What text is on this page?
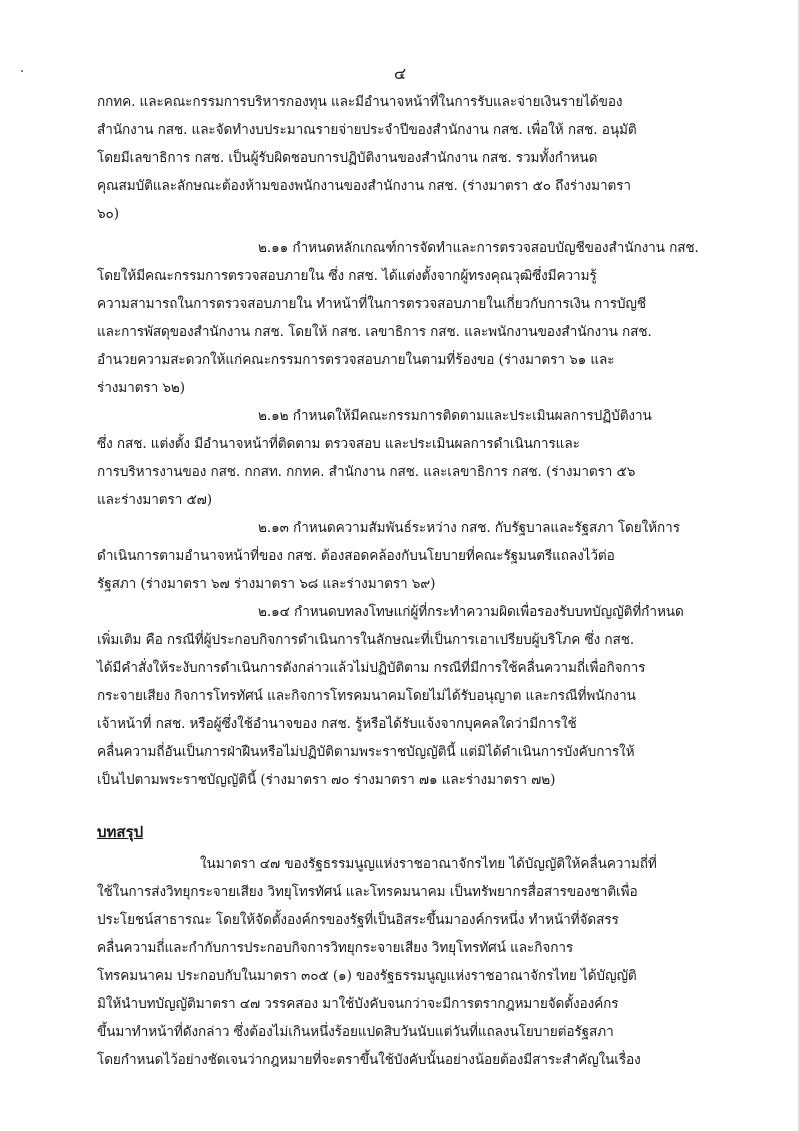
๔
กกทค. และคณะกรรมการบริหารกองทุน และมีอำนาจหน้าที่ในการรับและจ่ายเงินรายได้ของ
สำนักงาน กสช. และจัดทำงบประมาณรายจ่ายประจำปีของสำนักงาน กสช. เพื่อให้ กสช. อนุมัติ
โดยมีเลขาธิการ กสช. เป็นผู้รับผิดชอบการปฏิบัติงานของสำนักงาน กสช. รวมทั้งกำหนด
คุณสมบัติและลักษณะต้องห้ามของพนักงานของสำนักงาน กสช. (ร่างมาตรา ๕๐ ถึงร่างมาตรา
๖๐)
๒.๑๑ กำหนดหลักเกณฑ์การจัดทำและการตรวจสอบบัญชีของสำนักงาน กสช.
โดยให้มีคณะกรรมการตรวจสอบภายใน ซึ่ง กสช. ได้แต่งตั้งจากผู้ทรงคุณวุฒิซึ่งมีความรู้
ความสามารถในการตรวจสอบภายใน ทำหน้าที่ในการตรวจสอบภายในเกี่ยวกับการเงิน การบัญชี
และการพัสดุของสำนักงาน กสช. โดยให้ กสช. เลขาธิการ กสช. และพนักงานของสำนักงาน กสช.
อำนวยความสะดวกให้แก่คณะกรรมการตรวจสอบภายในตามที่ร้องขอ (ร่างมาตรา ๖๑ และ
ร่างมาตรา ๖๒)
๒.๑๒ กำหนดให้มีคณะกรรมการติดตามและประเมินผลการปฏิบัติงาน
ซึ่ง กสช. แต่งตั้ง มีอำนาจหน้าที่ติดตาม ตรวจสอบ และประเมินผลการดำเนินการและ
การบริหารงานของ กสช. กกสท. กกทค. สำนักงาน กสช. และเลขาธิการ กสช. (ร่างมาตรา ๕๖
และร่างมาตรา ๕๗)
๒.๑๓ กำหนดความสัมพันธ์ระหว่าง กสช. กับรัฐบาลและรัฐสภา โดยให้การ
ดำเนินการตามอำนาจหน้าที่ของ กสช. ต้องสอดคล้องกับนโยบายที่คณะรัฐมนตรีแถลงไว้ต่อ
รัฐสภา (ร่างมาตรา ๖๗ ร่างมาตรา ๖๘ และร่างมาตรา ๖๙)
๒.๑๔ กำหนดบทลงโทษแก่ผู้ที่กระทำความผิดเพื่อรองรับบทบัญญัติที่กำหนด
เพิ่มเติม คือ กรณีที่ผู้ประกอบกิจการดำเนินการในลักษณะที่เป็นการเอาเปรียบผู้บริโภค ซึ่ง กสช.
ได้มีคำสั่งให้ระงับการดำเนินการดังกล่าวแล้วไม่ปฏิบัติตาม กรณีที่มีการใช้คลื่นความถี่เพื่อกิจการ
กระจายเสียง กิจการโทรทัศน์ และกิจการโทรคมนาคมโดยไม่ได้รับอนุญาต และกรณีที่พนักงาน
เจ้าหน้าที่ กสช. หรือผู้ซึ่งใช้อำนาจของ กสช. รู้หรือได้รับแจ้งจากบุคคลใดว่ามีการใช้
คลื่นความถี่อันเป็นการฝ่าฝืนหรือไม่ปฏิบัติตามพระราชบัญญัตินี้ แต่มิได้ดำเนินการบังคับการให้
เป็นไปตามพระราชบัญญัตินี้ (ร่างมาตรา ๗๐ ร่างมาตรา ๗๑ และร่างมาตรา ๗๒)
บทสรุป
ในมาตรา ๔๗ ของรัฐธรรมนูญแห่งราชอาณาจักรไทย ได้บัญญัติให้คลื่นความถี่ที่
ใช้ในการส่งวิทยุกระจายเสียง วิทยุโทรทัศน์ และโทรคมนาคม เป็นทรัพยากรสื่อสารของชาติเพื่อ
ประโยชน์สาธารณะ โดยให้จัดตั้งองค์กรของรัฐที่เป็นอิสระขึ้นมาองค์กรหนึ่ง ทำหน้าที่จัดสรร
คลื่นความถี่และกำกับการประกอบกิจการวิทยุกระจายเสียง วิทยุโทรทัศน์ และกิจการ
โทรคมนาคม ประกอบกับในมาตรา ๓๐๕ (๑) ของรัฐธรรมนูญแห่งราชอาณาจักรไทย ได้บัญญัติ
มิให้นำบทบัญญัติมาตรา ๔๗ วรรคสอง มาใช้บังคับจนกว่าจะมีการตรากฎหมายจัดตั้งองค์กร
ขึ้นมาทำหน้าที่ดังกล่าว ซึ่งต้องไม่เกินหนึ่งร้อยแปดสิบวันนับแต่วันที่แถลงนโยบายต่อรัฐสภา
โดยกำหนดไว้อย่างชัดเจนว่ากฎหมายที่จะตราขึ้นใช้บังคับนั้นอย่างน้อยต้องมีสาระสำคัญในเรื่อง
